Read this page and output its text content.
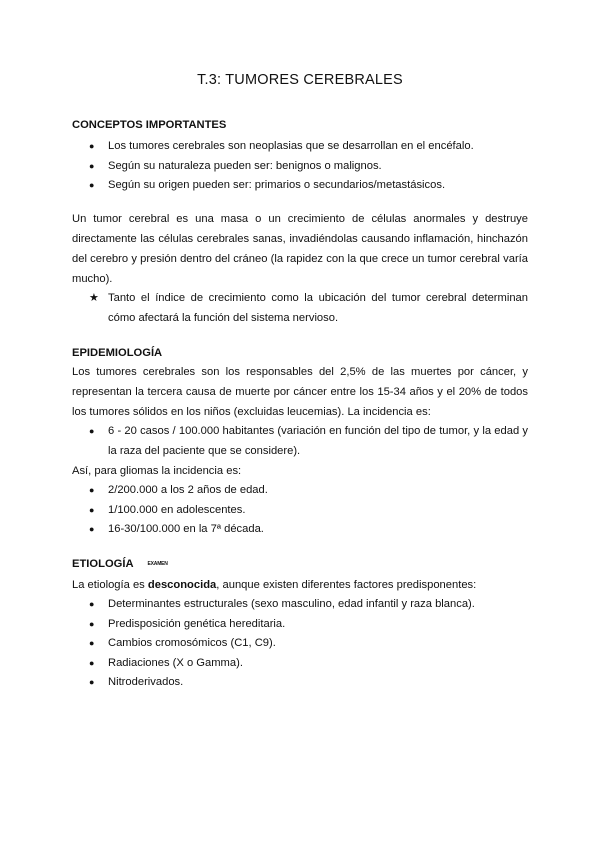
T.3: TUMORES CEREBRALES
CONCEPTOS IMPORTANTES
● Los tumores cerebrales son neoplasias que se desarrollan en el encéfalo.
● Según su naturaleza pueden ser: benignos o malignos.
● Según su origen pueden ser: primarios o secundarios/metastásicos.

Un tumor cerebral es una masa o un crecimiento de células anormales y destruye directamente las células cerebrales sanas, invadiéndolas causando inflamación, hinchazón del cerebro y presión dentro del cráneo (la rapidez con la que crece un tumor cerebral varía mucho).

★ Tanto el índice de crecimiento como la ubicación del tumor cerebral determinan cómo afectará la función del sistema nervioso.
EPIDEMIOLOGÍA

Los tumores cerebrales son los responsables del 2,5% de las muertes por cáncer, y representan la tercera causa de muerte por cáncer entre los 15-34 años y el 20% de todos los tumores sólidos en los niños (excluidas leucemias). La incidencia es:

● 6 - 20 casos / 100.000 habitantes (variación en función del tipo de tumor, y la edad y la raza del paciente que se considere).

Así, para gliomas la incidencia es:

● 2/200.000 a los 2 años de edad.
● 1/100.000 en adolescentes.
● 16-30/100.000 en la 7ª década.
ETIOLOGÍA	$^{EXAMEN}$

La etiología es desconocida, aunque existen diferentes factores predisponentes:

● Determinantes estructurales (sexo masculino, edad infantil y raza blanca).
● Predisposición genética hereditaria.
● Cambios cromosómicos (C1, C9).
● Radiaciones (X o Gamma).
● Nitroderivados.
